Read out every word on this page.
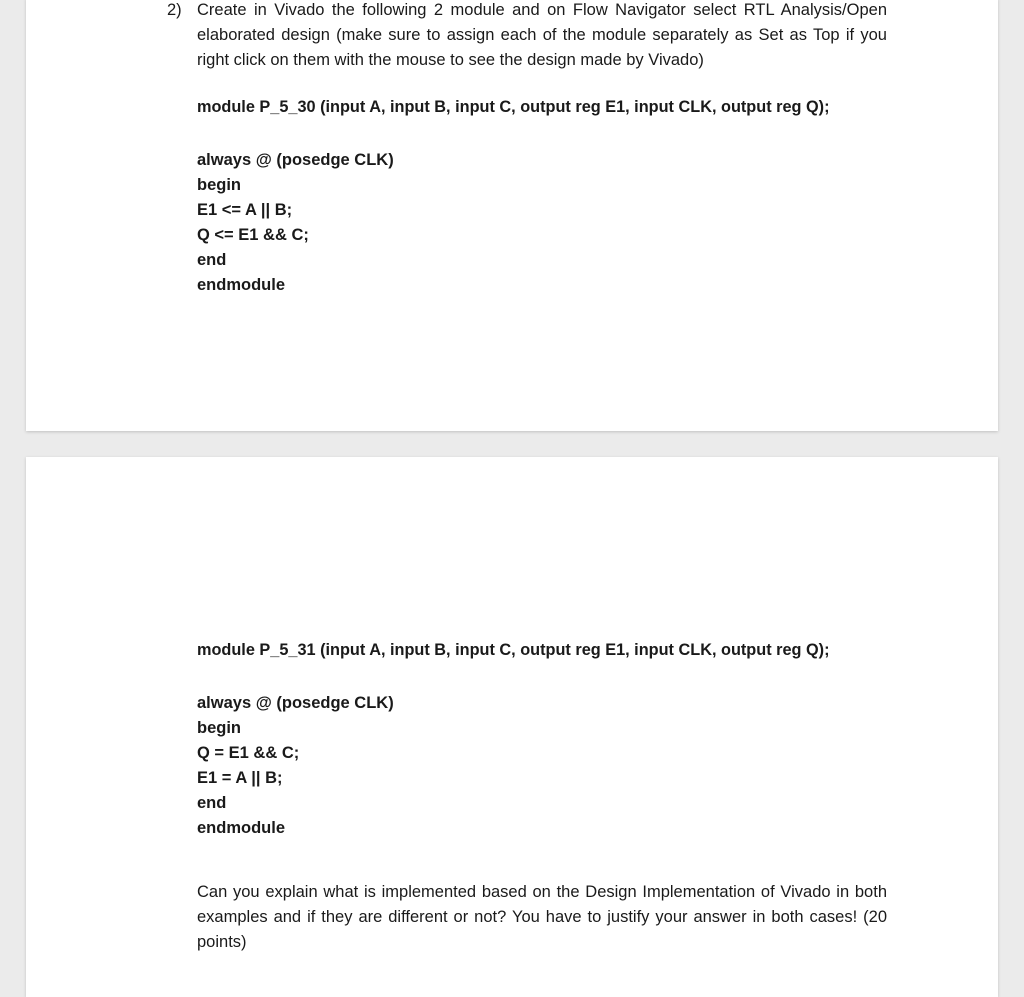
2) Create in Vivado the following 2 module and on Flow Navigator select RTL Analysis/Open elaborated design (make sure to assign each of the module separately as Set as Top if you right click on them with the mouse to see the design made by Vivado)
module P_5_30 (input A, input B, input C, output reg E1, input CLK, output reg Q);
always @ (posedge CLK)
begin
E1 <= A || B;
Q <= E1 && C;
end
endmodule
module P_5_31 (input A, input B, input C, output reg E1, input CLK, output reg Q);
always @ (posedge CLK)
begin
Q = E1 && C;
E1 = A || B;
end
endmodule
Can you explain what is implemented based on the Design Implementation of Vivado in both examples and if they are different or not? You have to justify your answer in both cases! (20 points)
